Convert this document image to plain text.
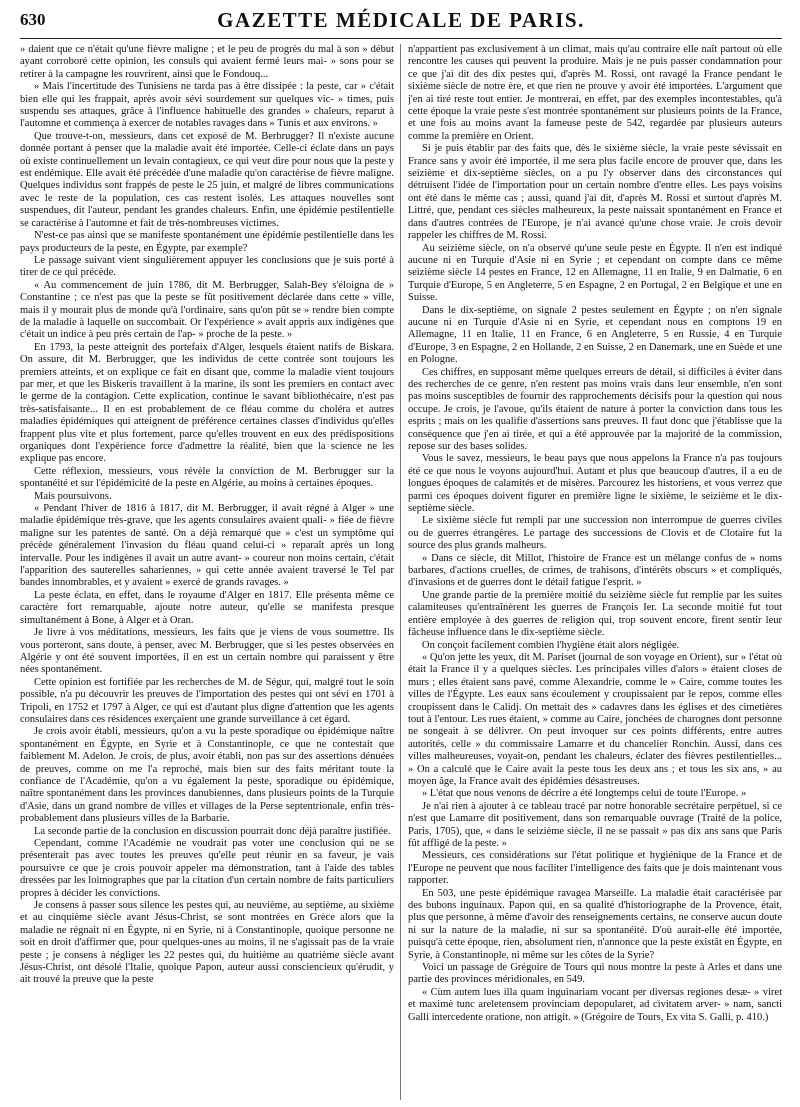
630	GAZETTE MÉDICALE DE PARIS.

» daient que ce n'était qu'une fièvre maligne ; et le peu de progrès du mal à son » début ayant corroboré cette opinion, les consuls qui avaient fermé leurs mai- » sons pour se retirer à la campagne les rouvrirent, ainsi que le Fondouq...

» Mais l'incertitude des Tunisiens ne tarda pas à être dissipée : la peste, car » c'était bien elle qui les frappait, après avoir sévi sourdement sur quelques vic- » times, puis suspendu ses attaques, grâce à l'influence habituelle des grandes » chaleurs, reparut à l'automne et commença à exercer de notables ravages dans » Tunis et aux environs. »

Que trouve-t-on, messieurs, dans cet exposé de M. Berbrugger? Il n'existe aucune donnée portant à penser que la maladie avait été importée. Celle-ci éclate dans un pays où existe continuellement un levain contagieux, ce qui veut dire pour nous que la peste y est endémique. Elle avait été précédée d'une maladie qu'on caractérise de fièvre maligne. Quelques individus sont frappés de peste le 25 juin, et malgré de libres communications avec le reste de la population, ces cas restent isolés. Les attaques nouvelles sont suspendues, dit l'auteur, pendant les grandes chaleurs. Enfin, une épidémie pestilentielle se caractérise à l'automne et fait de très-nombreuses victimes.

N'est-ce pas ainsi que se manifeste spontanément une épidémie pestilentielle dans les pays producteurs de la peste, en Égypte, par exemple?

Le passage suivant vient singulièrement appuyer les conclusions que je suis porté à tirer de ce qui précède.

« Au commencement de juin 1786, dit M. Berbrugger, Salah-Bey s'éloigna de » Constantine ; ce n'est pas que la peste se fût positivement déclarée dans cette » ville, mais il y mourait plus de monde qu'à l'ordinaire, sans qu'on pût se » rendre bien compte de la maladie à laquelle on succombait. Or l'expérience » avait appris aux indigènes que c'était un indice à peu près certain de l'ap- » proche de la peste. »

En 1793, la peste atteignit des portefaix d'Alger, lesquels étaient natifs de Biskara. On assure, dit M. Berbrugger, que les individus de cette contrée sont toujours les premiers atteints, et on explique ce fait en disant que, comme la maladie vient toujours par mer, et que les Biskeris travaillent à la marine, ils sont les premiers en contact avec le germe de la contagion. Cette explication, continue le savant bibliothécaire, n'est pas très-satisfaisante... Il en est probablement de ce fléau comme du choléra et autres maladies épidémiques qui atteignent de préférence certaines classes d'individus qu'elles frappent plus vite et plus fortement, parce qu'elles trouvent en eux des prédispositions organiques dont l'expérience force d'admettre la réalité, bien que la science ne les explique pas encore.

Cette réflexion, messieurs, vous révèle la conviction de M. Berbrugger sur la spontanéité et sur l'épidémicité de la peste en Algérie, au moins à certaines époques.

Mais poursuivons.

« Pendant l'hiver de 1816 à 1817, dit M. Berbrugger, il avait régné à Alger » une maladie épidémique très-grave, que les agents consulaires avaient quali- » fiée de fièvre maligne sur les patentes de santé. On a déjà remarqué que » c'est un symptôme qui précède généralement l'invasion du fléau quand celui-ci » reparaît après un long intervalle. Pour les indigènes il avait un autre avant- » coureur non moins certain, c'était l'apparition des sauterelles sahariennes, » qui cette année avaient traversé le Tel par bandes innombrables, et y avaient » exercé de grands ravages. »

La peste éclata, en effet, dans le royaume d'Alger en 1817. Elle présenta même ce caractère fort remarquable, ajoute notre auteur, qu'elle se manifesta presque simultanément à Bone, à Alger et à Oran.

Je livre à vos méditations, messieurs, les faits que je viens de vous soumettre. Ils vous porteront, sans doute, à penser, avec M. Berbrugger, que si les pestes observées en Algérie y ont été souvent importées, il en est un certain nombre qui paraissent y être nées spontanément.

Cette opinion est fortifiée par les recherches de M. de Ségur, qui, malgré tout le soin possible, n'a pu découvrir les preuves de l'importation des pestes qui ont sévi en 1701 à Tripoli, en 1752 et 1797 à Alger, ce qui est d'autant plus digne d'attention que les agents consulaires dans ces résidences exerçaient une grande surveillance à cet égard.

Je crois avoir établi, messieurs, qu'on a vu la peste sporadique ou épidémique naître spontanément en Égypte, en Syrie et à Constantinople, ce que ne contestait que faiblement M. Adelon. Je crois, de plus, avoir établi, non pas sur des assertions dénuées de preuves, comme on me l'a reproché, mais bien sur des faits méritant toute la confiance de l'Académie, qu'on a vu également la peste, sporadique ou épidémique, naître spontanément dans les provinces danubiennes, dans plusieurs points de la Turquie d'Asie, dans un grand nombre de villes et villages de la Perse septentrionale, enfin très-probablement dans plusieurs villes de la Barbarie.

La seconde partie de la conclusion en discussion pourrait donc déjà paraître justifiée.

Cependant, comme l'Académie ne voudrait pas voter une conclusion qui ne se présenterait pas avec toutes les preuves qu'elle peut réunir en sa faveur, je vais poursuivre ce que je crois pouvoir appeler ma démonstration, tant à l'aide des tables dressées par les loimographes que par la citation d'un certain nombre de faits particuliers propres à décider les convictions.

Je consens à passer sous silence les pestes qui, au neuvième, au septième, au sixième et au cinquième siècle avant Jésus-Christ, se sont montrées en Grèce alors que la maladie ne régnait ni en Égypte, ni en Syrie, ni à Constantinople, quoique personne ne soit en droit d'affirmer que, pour quelques-unes au moins, il ne s'agissait pas de la vraie peste ; je consens à négliger les 22 pestes qui, du huitième au quatrième siècle avant Jésus-Christ, ont désolé l'Italie, quoique Papon, auteur aussi consciencieux qu'érudit, y ait trouvé la preuve que la peste

n'appartient pas exclusivement à un climat, mais qu'au contraire elle naît partout où elle rencontre les causes qui peuvent la produire. Mais je ne puis passer condamnation pour ce que j'ai dit des dix pestes qui, d'après M. Rossi, ont ravagé la France pendant le sixième siècle de notre ère, et que rien ne prouve y avoir été importées. L'argument que j'en ai tiré reste tout entier. Je montrerai, en effet, par des exemples incontestables, qu'à cette époque la vraie peste s'est montrée spontanément sur plusieurs points de la France, et une fois au moins avant la fameuse peste de 542, regardée par plusieurs auteurs comme la première en Orient.

Si je puis établir par des faits que, dès le sixième siècle, la vraie peste sévissait en France sans y avoir été importée, il me sera plus facile encore de prouver que, dans les seizième et dix-septième siècles, on a pu l'y observer dans des circonstances qui détruisent l'idée de l'importation pour un certain nombre d'entre elles. Les pays voisins ont été dans le même cas ; aussi, quand j'ai dit, d'après M. Rossi et surtout d'après M. Littré, que, pendant ces siècles malheureux, la peste naissait spontanément en France et dans d'autres contrées de l'Europe, je n'ai avancé qu'une chose vraie. Je crois devoir rappeler les chiffres de M. Rossi.

Au seizième siècle, on n'a observé qu'une seule peste en Égypte. Il n'en est indiqué aucune ni en Turquie d'Asie ni en Syrie ; et cependant on compte dans ce même seizième siècle 14 pestes en France, 12 en Allemagne, 11 en Italie, 9 en Dalmatie, 6 en Turquie d'Europe, 5 en Angleterre, 5 en Espagne, 2 en Portugal, 2 en Belgique et une en Suisse.

Dans le dix-septième, on signale 2 pestes seulement en Égypte ; on n'en signale aucune ni en Turquie d'Asie ni en Syrie, et cependant nous en comptons 19 en Allemagne, 11 en Italie, 11 en France, 6 en Angleterre, 5 en Russie, 4 en Turquie d'Europe, 3 en Espagne, 2 en Hollande, 2 en Suisse, 2 en Danemark, une en Suède et une en Pologne.

Ces chiffres, en supposant même quelques erreurs de détail, si difficiles à éviter dans des recherches de ce genre, n'en restent pas moins vrais dans leur ensemble, n'en sont pas moins susceptibles de fournir des rapprochements décisifs pour la question qui nous occupe. Je crois, je l'avoue, qu'ils étaient de nature à porter la conviction dans tous les esprits ; mais on les qualifie d'assertions sans preuves. Il faut donc que j'établisse que la conséquence que j'en ai tirée, et qui a été approuvée par la majorité de la commission, repose sur des bases solides.

Vous le savez, messieurs, le beau pays que nous appelons la France n'a pas toujours été ce que nous le voyons aujourd'hui. Autant et plus que beaucoup d'autres, il a eu de longues époques de calamités et de misères. Parcourez les historiens, et vous verrez que parmi ces époques doivent figurer en première ligne le sixième, le seizième et le dix-septième siècle.

Le sixième siècle fut rempli par une succession non interrompue de guerres civiles ou de guerres étrangères. Le partage des successions de Clovis et de Clotaire fut la source des plus grands malheurs.

« Dans ce siècle, dit Millot, l'histoire de France est un mélange confus de » noms barbares, d'actions cruelles, de crimes, de trahisons, d'intérêts obscurs » et compliqués, d'invasions et de guerres dont le détail fatigue l'esprit. »

Une grande partie de la première moitié du seizième siècle fut remplie par les suites calamiteuses qu'entraînèrent les guerres de François Ier. La seconde moitié fut tout entière employée à des guerres de religion qui, trop souvent encore, firent sentir leur fâcheuse influence dans le dix-septième siècle.

On conçoit facilement combien l'hygiène était alors négligée.

« Qu'on jette les yeux, dit M. Pariset (journal de son voyage en Orient), sur » l'état où était la France il y a quelques siècles. Les principales villes d'alors » étaient closes de murs ; elles étaient sans pavé, comme Alexandrie, comme le » Caire, comme toutes les villes de l'Égypte. Les eaux sans écoulement y croupissaient par le repos, comme elles croupissent dans le Calidj. On mettait des » cadavres dans les églises et des cimetières tout à l'entour. Les rues étaient, » comme au Caire, jonchées de charognes dont personne ne songeait à se délivrer. On peut invoquer sur ces points différents, entre autres autorités, celle » du commissaire Lamarre et du chancelier Ronchin. Aussi, dans ces villes malheureuses, voyait-on, pendant les chaleurs, éclater des fièvres pestilentielles... » On a calculé que le Caire avait la peste tous les deux ans ; et tous les six ans, » au moyen âge, la France avait des épidémies désastreuses.

» L'état que nous venons de décrire a été longtemps celui de toute l'Europe. »

Je n'ai rien à ajouter à ce tableau tracé par notre honorable secrétaire perpétuel, si ce n'est que Lamarre dit positivement, dans son remarquable ouvrage (Traité de la police, Paris, 1705), que, « dans le seizième siècle, il ne se passait » pas dix ans sans que Paris fût affligé de la peste. »

Messieurs, ces considérations sur l'état politique et hygiénique de la France et de l'Europe ne peuvent que nous faciliter l'intelligence des faits que je dois maintenant vous rapporter.

En 503, une peste épidémique ravagea Marseille. La maladie était caractérisée par des bubons inguinaux. Papon qui, en sa qualité d'historiographe de la Provence, était, plus que personne, à même d'avoir des renseignements certains, ne conserve aucun doute ni sur la nature de la maladie, ni sur sa spontanéité. D'où aurait-elle été importée, puisqu'à cette époque, rien, absolument rien, n'annonce que la peste existât en Égypte, en Syrie, à Constantinople, ni même sur les côtes de la Syrie?

Voici un passage de Grégoire de Tours qui nous montre la peste à Arles et dans une partie des provinces méridionales, en 549.

« Cùm autem lues illa quam inguinariam vocant per diversas regiones desæ- » viret et maximè tunc areletensem provinciam depopularet, ad civitatem arver- » nam, sancti Galli intercedente oratione, non attigit. » (Grégoire de Tours, Ex vita S. Galli, p. 410.)
